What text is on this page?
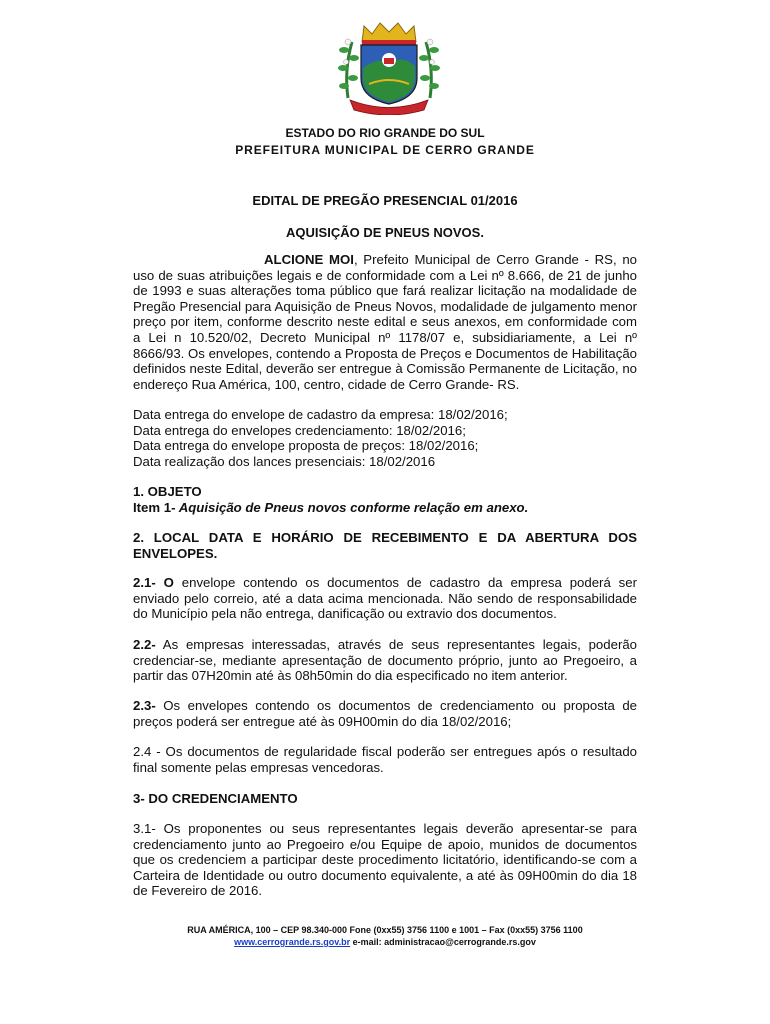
ESTADO DO RIO GRANDE DO SUL
PREFEITURA MUNICIPAL DE CERRO GRANDE
EDITAL DE PREGÃO PRESENCIAL 01/2016
AQUISIÇÃO DE PNEUS NOVOS.

ALCIONE MOI, Prefeito Municipal de Cerro Grande - RS, no uso de suas atribuições legais e de conformidade com a Lei nº 8.666, de 21 de junho de 1993 e suas alterações toma público que fará realizar licitação na modalidade de Pregão Presencial para Aquisição de Pneus Novos, modalidade de julgamento menor preço por item, conforme descrito neste edital e seus anexos, em conformidade com a Lei n 10.520/02, Decreto Municipal nº 1178/07 e, subsidiariamente, a Lei nº 8666/93. Os envelopes, contendo a Proposta de Preços e Documentos de Habilitação definidos neste Edital, deverão ser entregue à Comissão Permanente de Licitação, no endereço Rua América, 100, centro, cidade de Cerro Grande- RS.

Data entrega do envelope de cadastro da empresa: 18/02/2016;

Data entrega do envelopes credenciamento: 18/02/2016;

Data entrega do envelope proposta de preços: 18/02/2016;

Data realização dos lances presenciais: 18/02/2016

1. OBJETO

Item 1- Aquisição de Pneus novos conforme relação em anexo.

2. LOCAL DATA E HORÁRIO DE RECEBIMENTO E DA ABERTURA DOS ENVELOPES.

2.1- O envelope contendo os documentos de cadastro da empresa poderá ser enviado pelo correio, até a data acima mencionada. Não sendo de responsabilidade do Município pela não entrega, danificação ou extravio dos documentos.

2.2- As empresas interessadas, através de seus representantes legais, poderão credenciar-se, mediante apresentação de documento próprio, junto ao Pregoeiro, a partir das 07H20min até às 08h50min do dia especificado no item anterior.

2.3- Os envelopes contendo os documentos de credenciamento ou proposta de preços poderá ser entregue até às 09H00min do dia 18/02/2016;

2.4 - Os documentos de regularidade fiscal poderão ser entregues após o resultado final somente pelas empresas vencedoras.

3- DO CREDENCIAMENTO

3.1- Os proponentes ou seus representantes legais deverão apresentar-se para credenciamento junto ao Pregoeiro e/ou Equipe de apoio, munidos de documentos que os credenciem a participar deste procedimento licitatório, identificando-se com a Carteira de Identidade ou outro documento equivalente, a até às 09H00min do dia 18 de Fevereiro de 2016.

RUA AMÉRICA, 100 – CEP 98.340-000 Fone (0xx55) 3756 1100 e 1001 – Fax (0xx55) 3756 1100
www.cerrogrande.rs.gov.br e-mail: administracao@cerrogrande.rs.gov
